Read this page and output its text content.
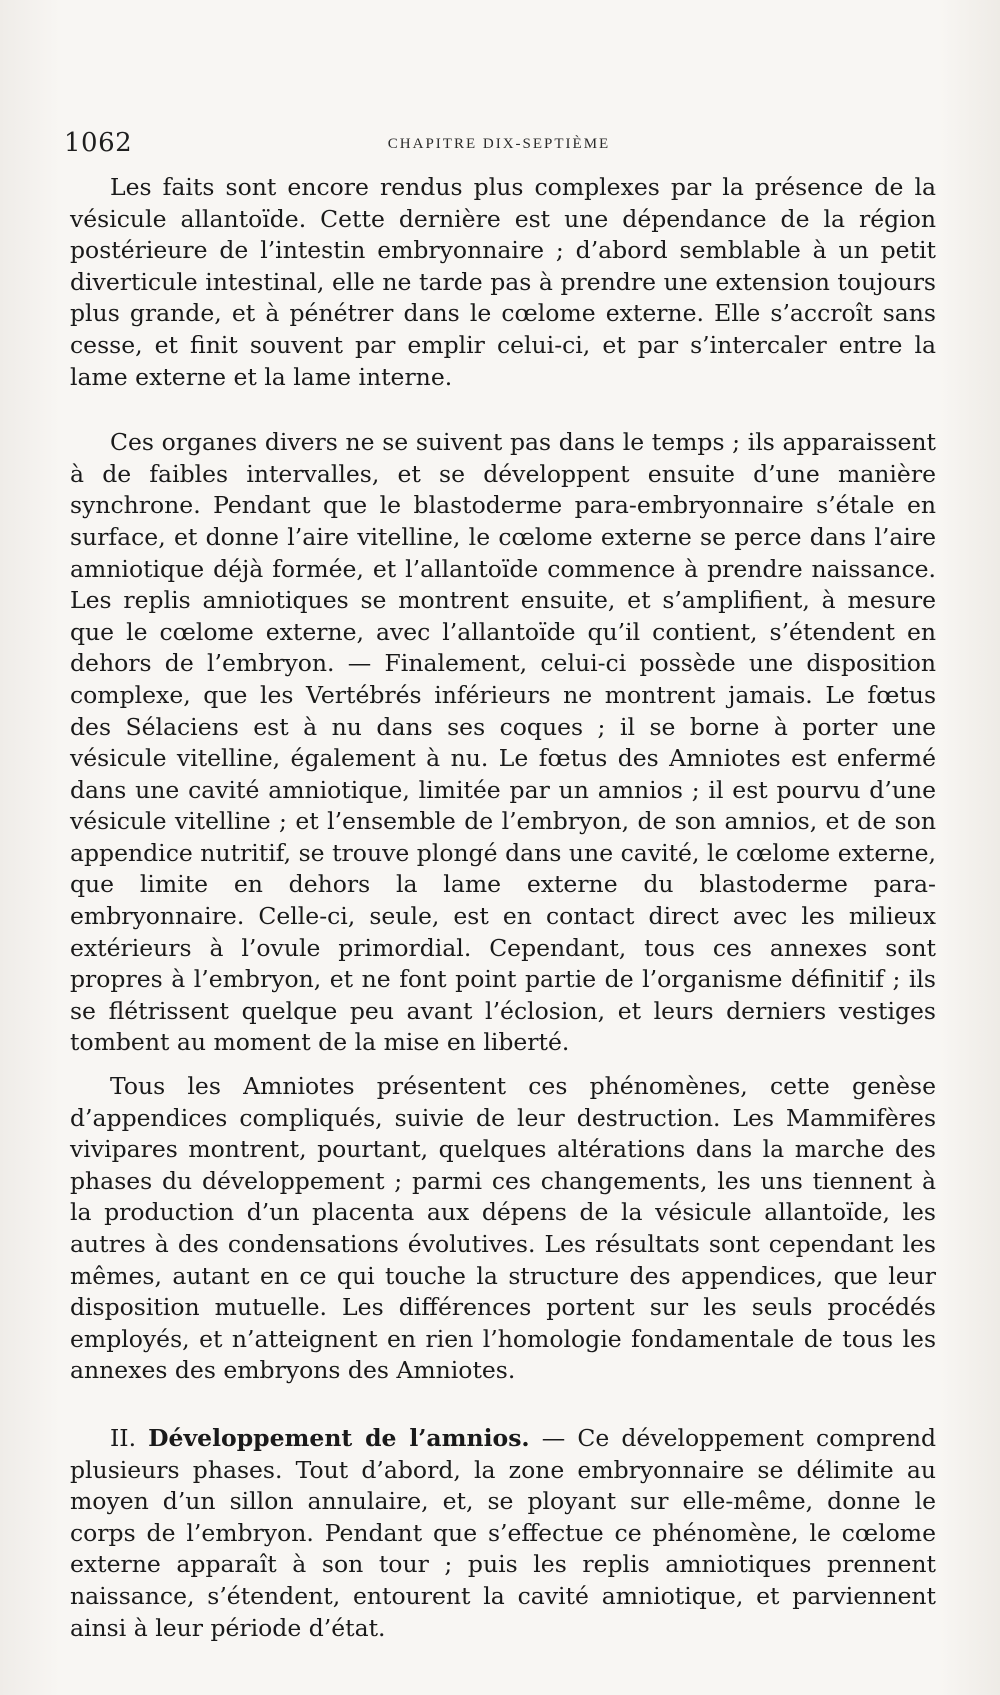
1062	CHAPITRE DIX-SEPTIÈME

Les faits sont encore rendus plus complexes par la présence de la vésicule allantoïde. Cette dernière est une dépendance de la région postérieure de l’intestin embryonnaire ; d’abord semblable à un petit diverticule intestinal, elle ne tarde pas à prendre une extension toujours plus grande, et à pénétrer dans le cœlome externe. Elle s’accroît sans cesse, et finit souvent par emplir celui-ci, et par s’intercaler entre la lame externe et la lame interne.

Ces organes divers ne se suivent pas dans le temps ; ils apparaissent à de faibles intervalles, et se développent ensuite d’une manière synchrone. Pendant que le blastoderme para-embryonnaire s’étale en surface, et donne l’aire vitelline, le cœlome externe se perce dans l’aire amniotique déjà formée, et l’allantoïde commence à prendre naissance. Les replis amniotiques se montrent ensuite, et s’amplifient, à mesure que le cœlome externe, avec l’allantoïde qu’il contient, s’étendent en dehors de l’embryon. — Finalement, celui-ci possède une disposition complexe, que les Vertébrés inférieurs ne montrent jamais. Le fœtus des Sélaciens est à nu dans ses coques ; il se borne à porter une vésicule vitelline, également à nu. Le fœtus des Amniotes est enfermé dans une cavité amniotique, limitée par un amnios ; il est pourvu d’une vésicule vitelline ; et l’ensemble de l’embryon, de son amnios, et de son appendice nutritif, se trouve plongé dans une cavité, le cœlome externe, que limite en dehors la lame externe du blastoderme para-embryonnaire. Celle-ci, seule, est en contact direct avec les milieux extérieurs à l’ovule primordial. Cependant, tous ces annexes sont propres à l’embryon, et ne font point partie de l’organisme définitif ; ils se flétrissent quelque peu avant l’éclosion, et leurs derniers vestiges tombent au moment de la mise en liberté.

Tous les Amniotes présentent ces phénomènes, cette genèse d’appendices compliqués, suivie de leur destruction. Les Mammifères vivipares montrent, pourtant, quelques altérations dans la marche des phases du développement ; parmi ces changements, les uns tiennent à la production d’un placenta aux dépens de la vésicule allantoïde, les autres à des condensations évolutives. Les résultats sont cependant les mêmes, autant en ce qui touche la structure des appendices, que leur disposition mutuelle. Les différences portent sur les seuls procédés employés, et n’atteignent en rien l’homologie fondamentale de tous les annexes des embryons des Amniotes.

II. Développement de l’amnios. — Ce développement comprend plusieurs phases. Tout d’abord, la zone embryonnaire se délimite au moyen d’un sillon annulaire, et, se ployant sur elle-même, donne le corps de l’embryon. Pendant que s’effectue ce phénomène, le cœlome externe apparaît à son tour ; puis les replis amniotiques prennent naissance, s’étendent, entourent la cavité amniotique, et parviennent ainsi à leur période d’état.
